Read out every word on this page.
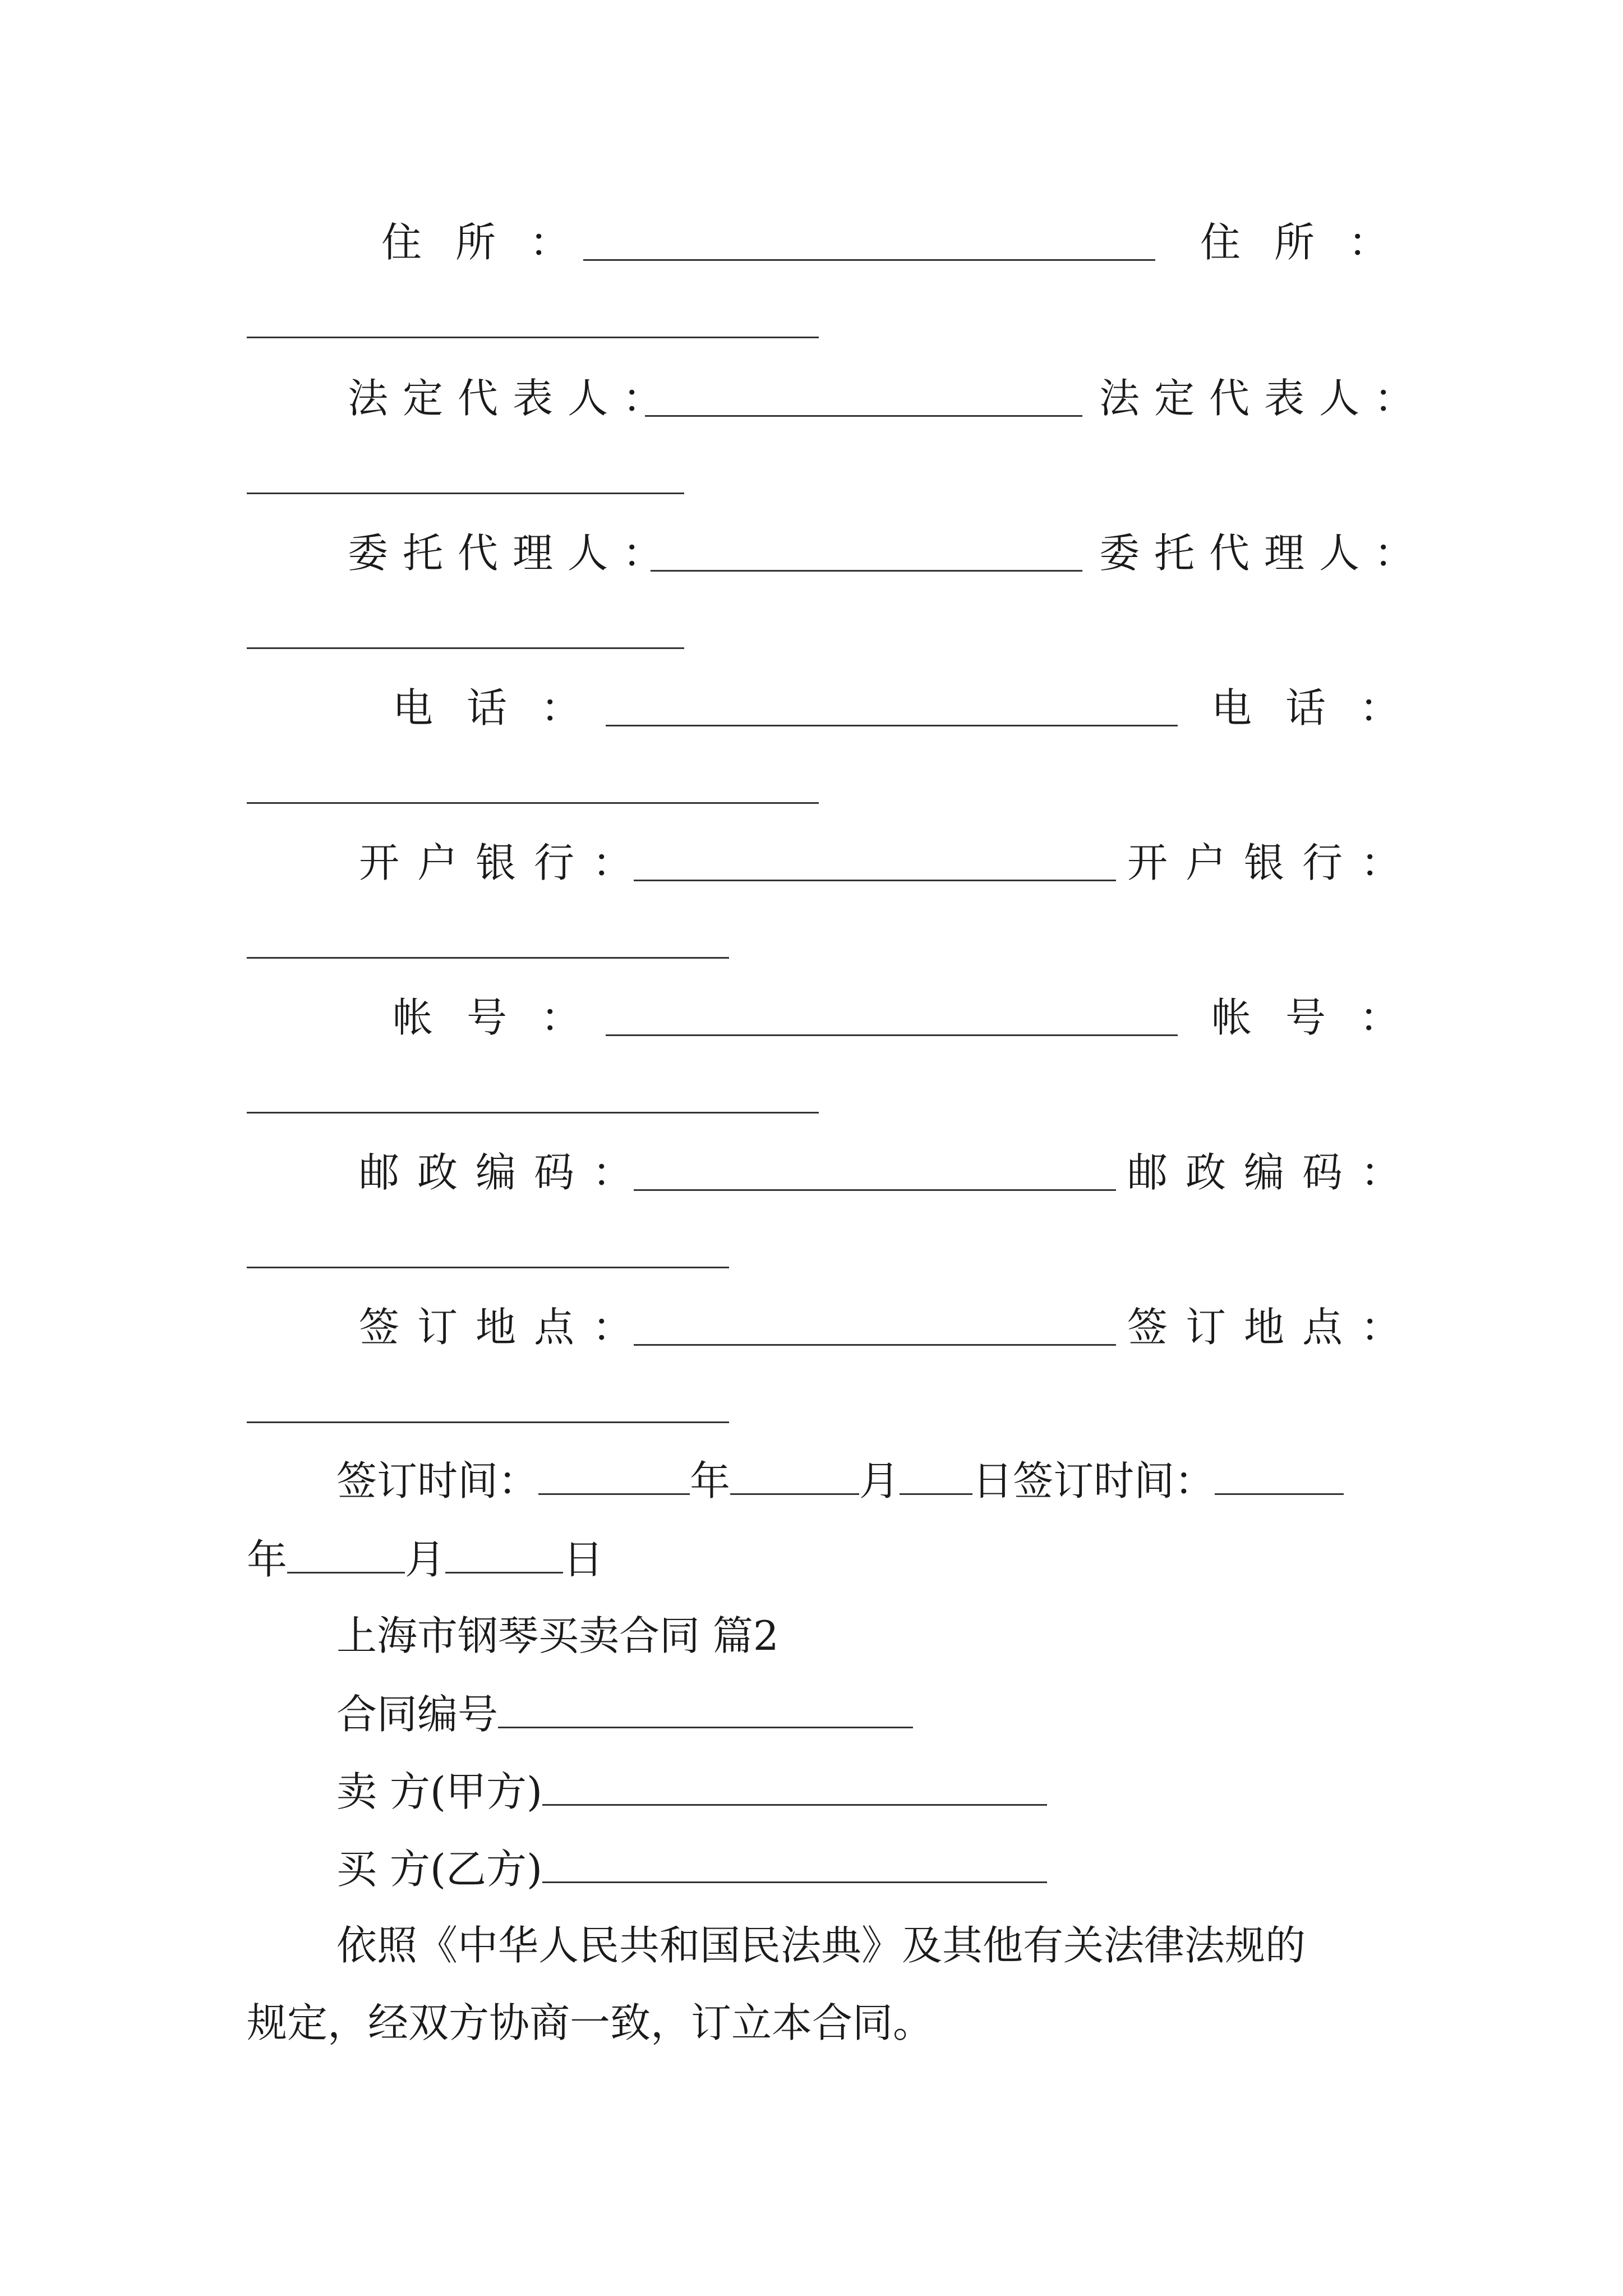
住所：	住所：
法定代表人：	法定代表人：
委托代理人：	委托代理人：
电话：	电话：
开户银行：	开户银行：
帐号：	帐号：
邮政编码：	邮政编码：
签订地点：	签订地点：
签订时间：	年	月 日签订时间：
年	月	日
上海市钢琴买卖合同 篇2
合同编号
卖 方(甲方)
买 方(乙方)
依照《中华人民共和国民法典》及其他有关法律法规的
规定，经双方协商一致，订立本合同。
